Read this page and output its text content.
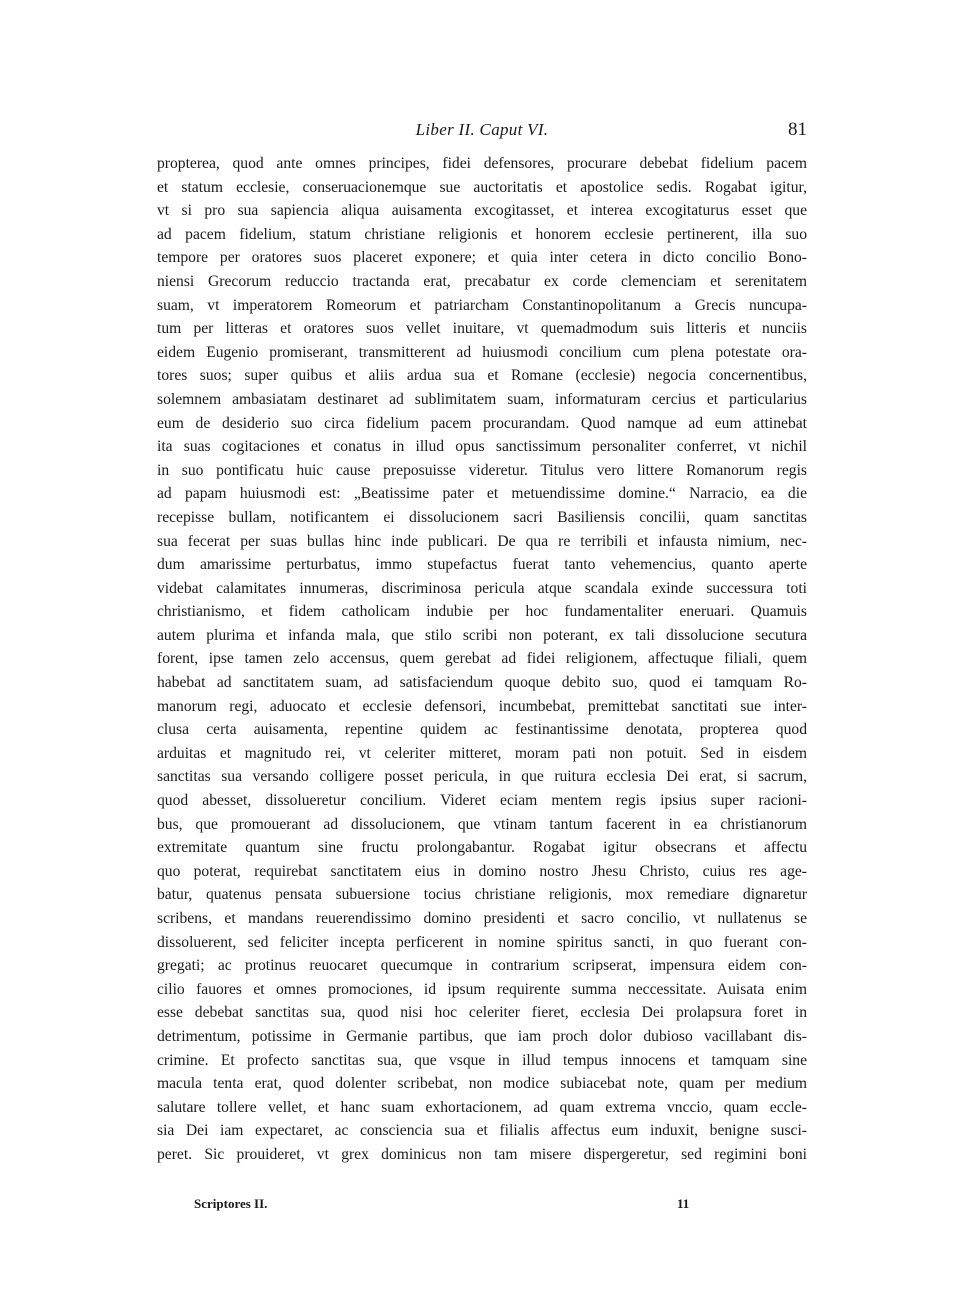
Liber II. Caput VI.	81
propterea, quod ante omnes principes, fidei defensores, procurare debebat fidelium pacem
et statum ecclesie, conseruacionemque sue auctoritatis et apostolice sedis. Rogabat igitur,
vt si pro sua sapiencia aliqua auisamenta excogitasset, et interea excogitaturus esset que
ad pacem fidelium, statum christiane religionis et honorem ecclesie pertinerent, illa suo
tempore per oratores suos placeret exponere; et quia inter cetera in dicto concilio Bono-
niensi Grecorum reduccio tractanda erat, precabatur ex corde clemenciam et serenitatem
suam, vt imperatorem Romeorum et patriarcham Constantinopolitanum a Grecis nuncupa-
tum per litteras et oratores suos vellet inuitare, vt quemadmodum suis litteris et nunciis
eidem Eugenio promiserant, transmitterent ad huiusmodi concilium cum plena potestate ora-
tores suos; super quibus et aliis ardua sua et Romane (ecclesie) negocia concernentibus,
solemnem ambasiatam destinaret ad sublimitatem suam, informaturam cercius et particularius
eum de desiderio suo circa fidelium pacem procurandam. Quod namque ad eum attinebat
ita suas cogitaciones et conatus in illud opus sanctissimum personaliter conferret, vt nichil
in suo pontificatu huic cause preposuisse videretur. Titulus vero littere Romanorum regis
ad papam huiusmodi est: „Beatissime pater et metuendissime domine.“ Narracio, ea die
recepisse bullam, notificantem ei dissolucionem sacri Basiliensis concilii, quam sanctitas
sua fecerat per suas bullas hinc inde publicari. De qua re terribili et infausta nimium, nec-
dum amarissime perturbatus, immo stupefactus fuerat tanto vehemencius, quanto aperte
videbat calamitates innumeras, discriminosa pericula atque scandala exinde successura toti
christianismo, et fidem catholicam indubie per hoc fundamentaliter eneruari. Quamuis
autem plurima et infanda mala, que stilo scribi non poterant, ex tali dissolucione secutura
forent, ipse tamen zelo accensus, quem gerebat ad fidei religionem, affectuque filiali, quem
habebat ad sanctitatem suam, ad satisfaciendum quoque debito suo, quod ei tamquam Ro-
manorum regi, aduocato et ecclesie defensori, incumbebat, premittebat sanctitati sue inter-
clusa certa auisamenta, repentine quidem ac festinantissime denotata, propterea quod
arduitas et magnitudo rei, vt celeriter mitteret, moram pati non potuit. Sed in eisdem
sanctitas sua versando colligere posset pericula, in que ruitura ecclesia Dei erat, si sacrum,
quod abesset, dissolueretur concilium. Videret eciam mentem regis ipsius super racioni-
bus, que promouerant ad dissolucionem, que vtinam tantum facerent in ea christianorum
extremitate quantum sine fructu prolongabantur. Rogabat igitur obsecrans et affectu
quo poterat, requirebat sanctitatem eius in domino nostro Jhesu Christo, cuius res age-
batur, quatenus pensata subuersione tocius christiane religionis, mox remediare dignaretur
scribens, et mandans reuerendissimo domino presidenti et sacro concilio, vt nullatenus se
dissoluerent, sed feliciter incepta perficerent in nomine spiritus sancti, in quo fuerant con-
gregati; ac protinus reuocaret quecumque in contrarium scripserat, impensura eidem con-
cilio fauores et omnes promociones, id ipsum requirente summa neccessitate. Auisata enim
esse debebat sanctitas sua, quod nisi hoc celeriter fieret, ecclesia Dei prolapsura foret in
detrimentum, potissime in Germanie partibus, que iam proch dolor dubioso vacillabant dis-
crimine. Et profecto sanctitas sua, que vsque in illud tempus innocens et tamquam sine
macula tenta erat, quod dolenter scribebat, non modice subiacebat note, quam per medium
salutare tollere vellet, et hanc suam exhortacionem, ad quam extrema vnccio, quam eccle-
sia Dei iam expectaret, ac consciencia sua et filialis affectus eum induxit, benigne susci-
peret. Sic prouideret, vt grex dominicus non tam misere dispergeretur, sed regimini boni
Scriptores II.	11
